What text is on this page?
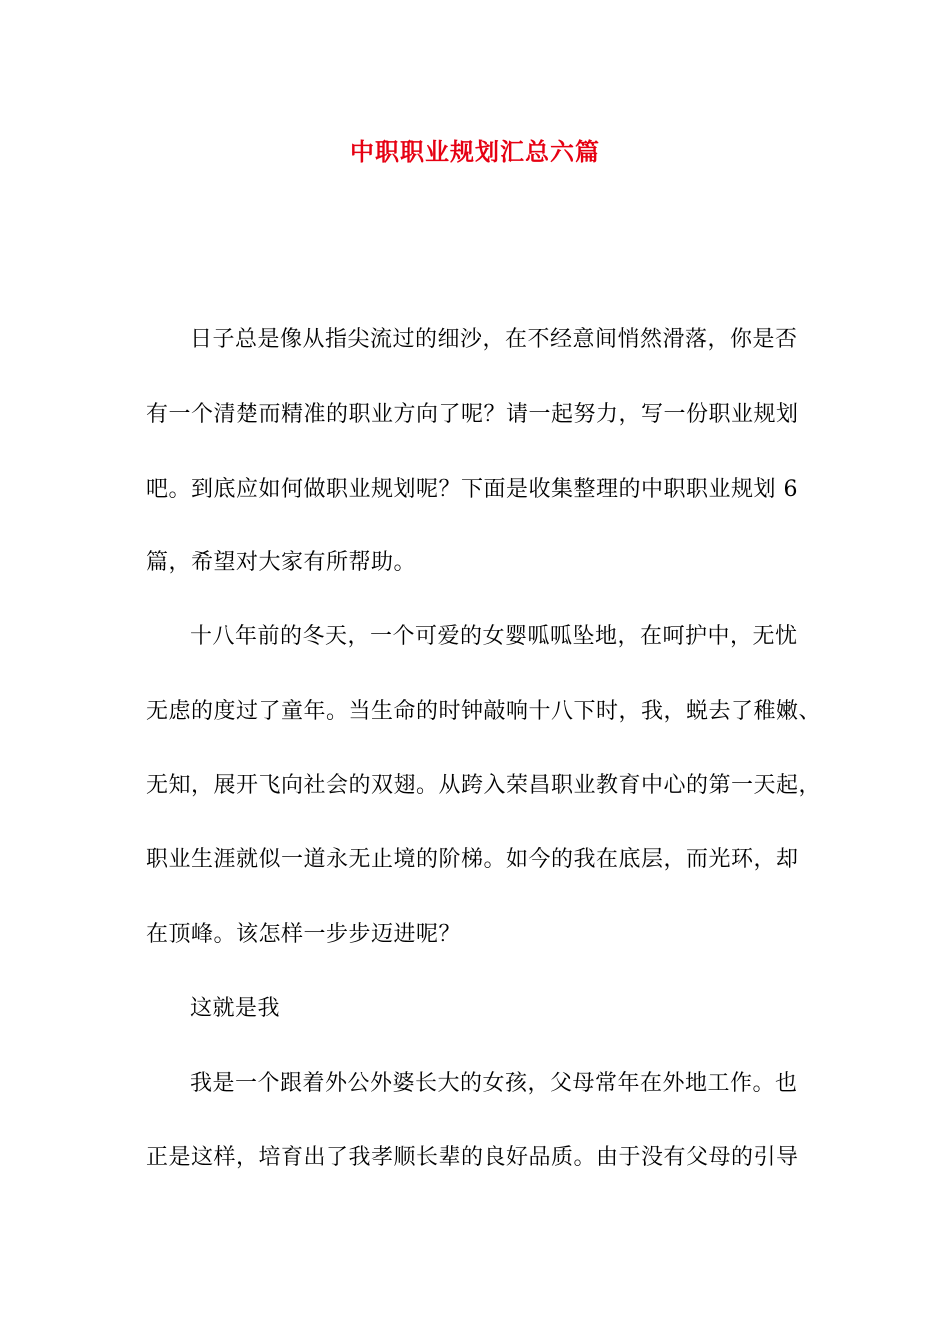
中职职业规划汇总六篇
日子总是像从指尖流过的细沙，在不经意间悄然滑落，你是否
有一个清楚而精准的职业方向了呢？请一起努力，写一份职业规划
吧。到底应如何做职业规划呢？下面是收集整理的中职职业规划 6
篇，希望对大家有所帮助。
十八年前的冬天，一个可爱的女婴呱呱坠地，在呵护中，无忧
无虑的度过了童年。当生命的时钟敲响十八下时，我，蜕去了稚嫩、
无知，展开飞向社会的双翅。从跨入荣昌职业教育中心的第一天起，
职业生涯就似一道永无止境的阶梯。如今的我在底层，而光环，却
在顶峰。该怎样一步步迈进呢？
这就是我
我是一个跟着外公外婆长大的女孩，父母常年在外地工作。也
正是这样，培育出了我孝顺长辈的良好品质。由于没有父母的引导
